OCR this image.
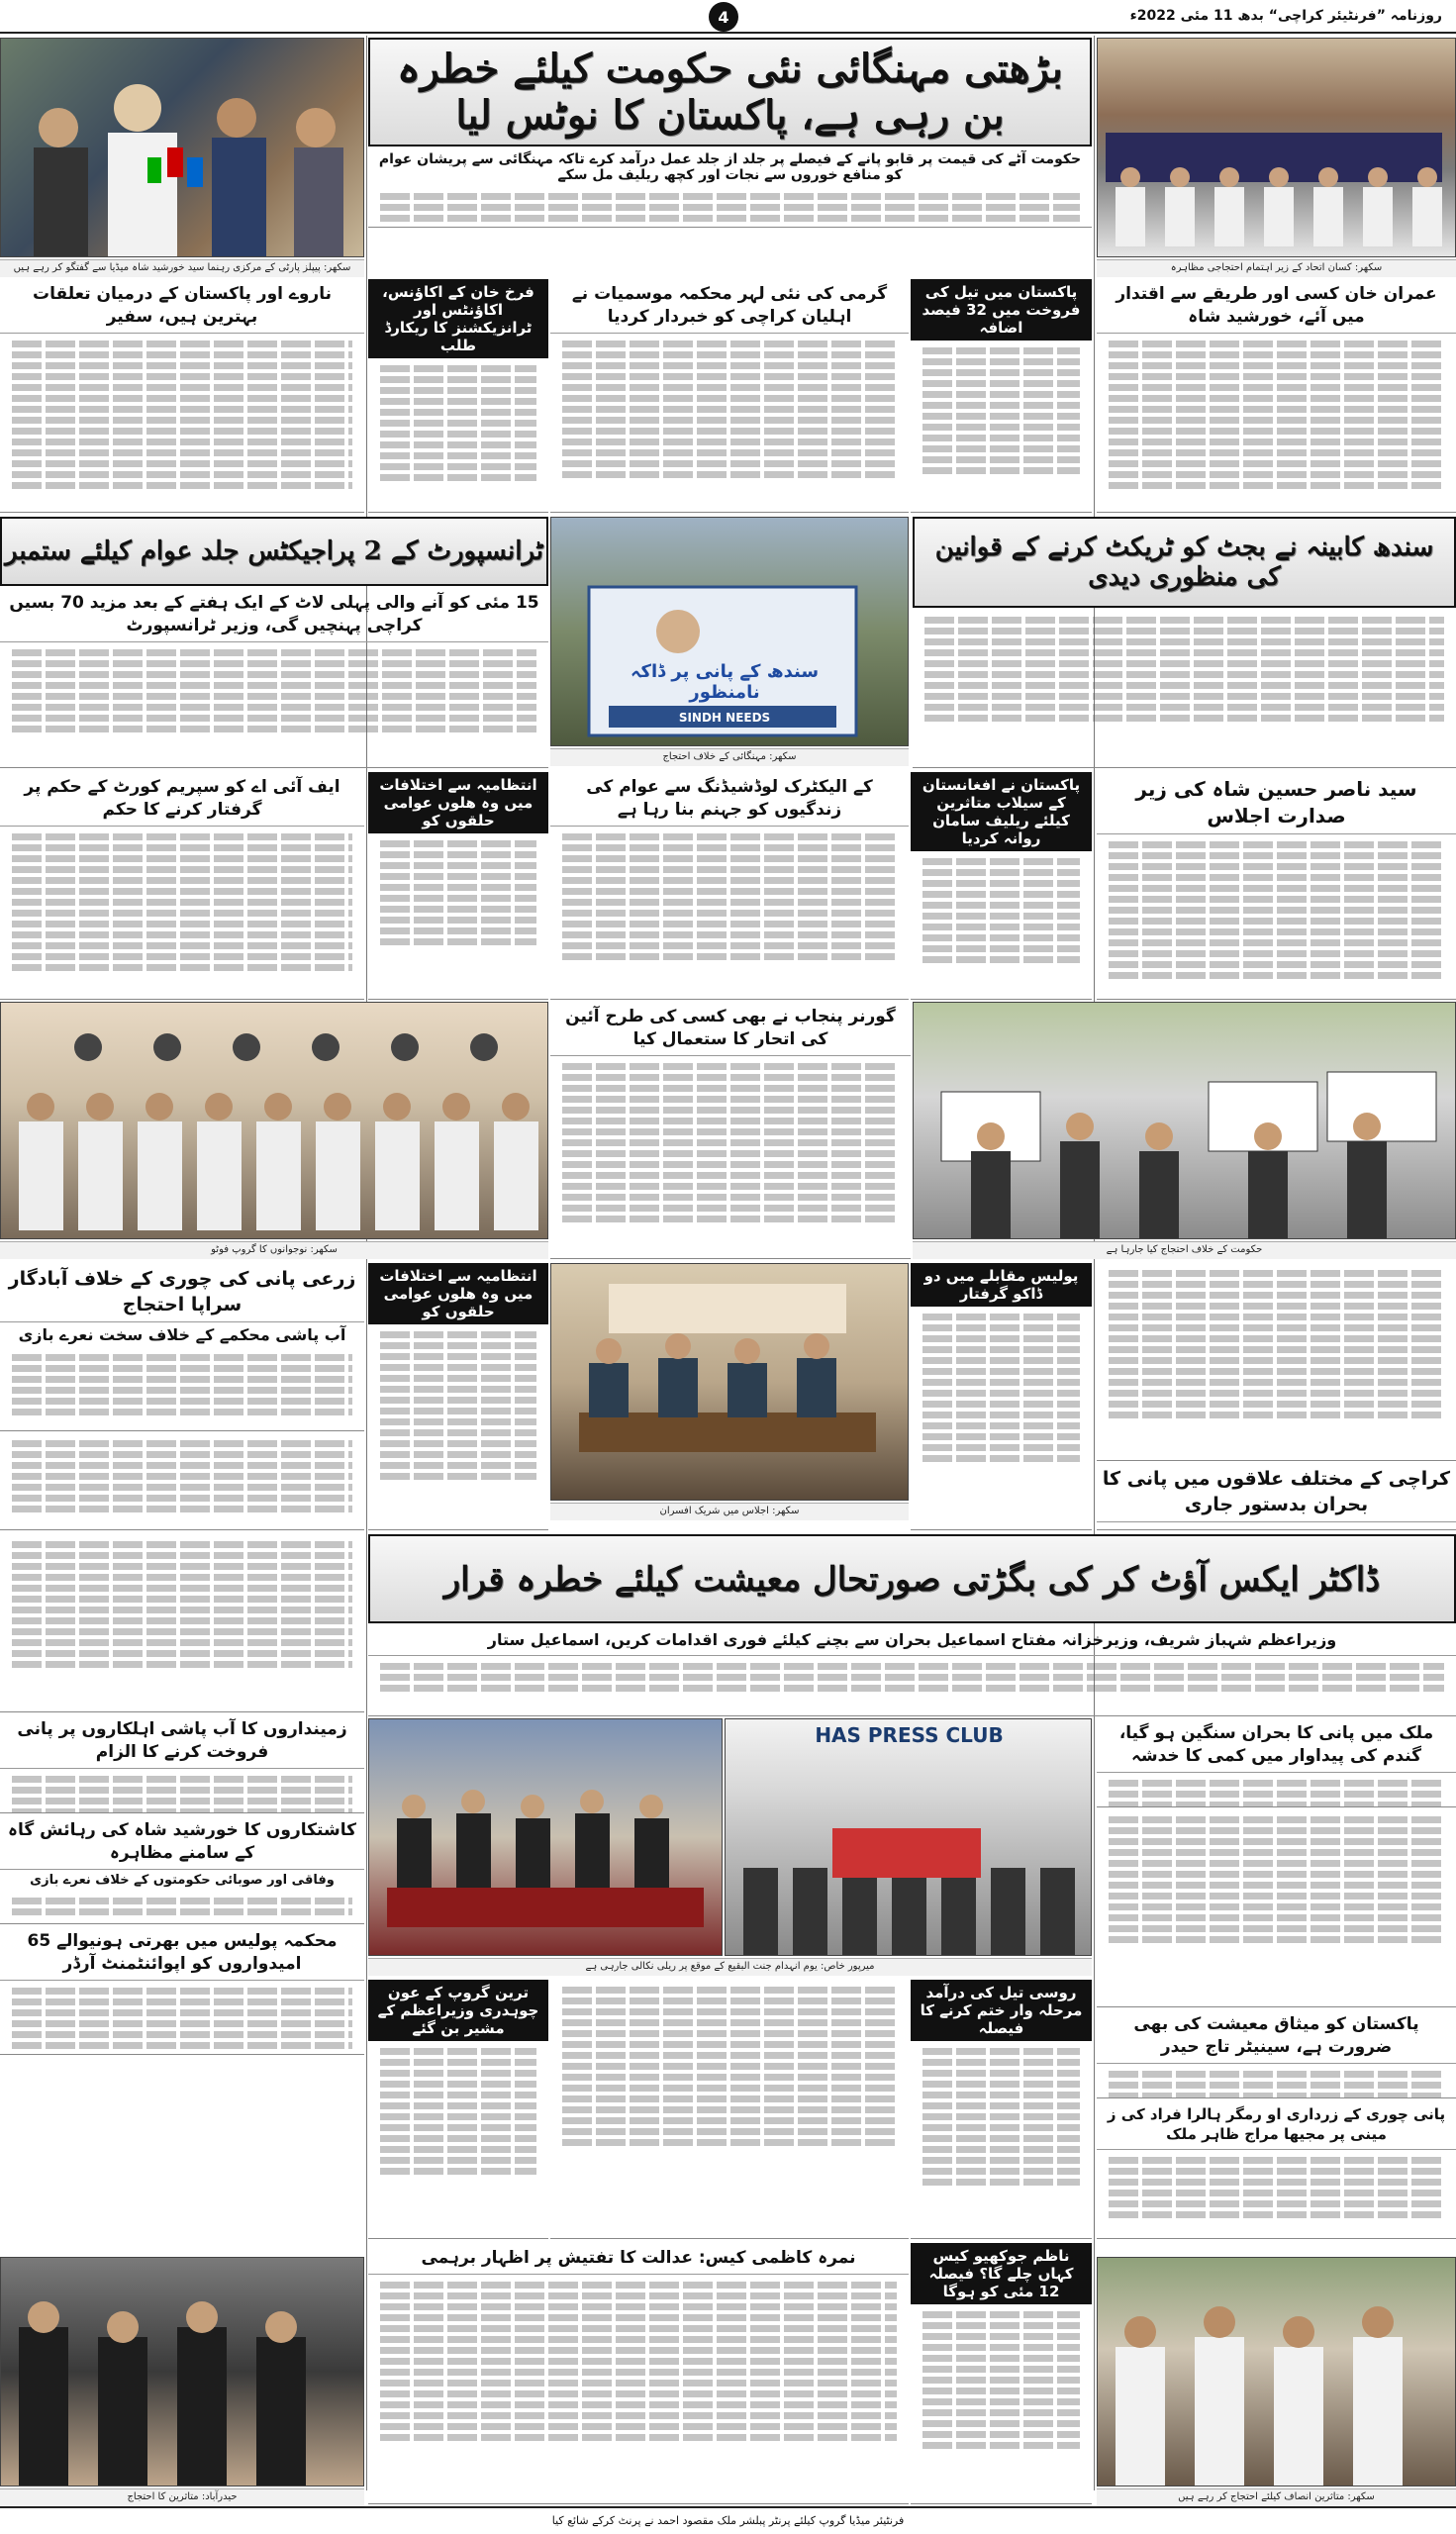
روزنامہ ”فرنٹیئر کراچی“ بدھ 11 مئی 2022ء
4
بڑھتی مہنگائی نئی حکومت کیلئے خطرہ بن رہی ہے، پاکستان کا نوٹس لیا
حکومت آٹے کی قیمت پر قابو پانے کے فیصلے پر جلد از جلد عمل درآمد کرے تاکہ مہنگائی سے پریشان عوام کو منافع خوروں سے نجات اور کچھ ریلیف مل سکے
سکھر: پیپلز پارٹی کے مرکزی رہنما سید خورشید شاہ میڈیا سے گفتگو کر رہے ہیں	سکھر: کسان اتحاد کے زیر اہتمام احتجاجی مظاہرہ
عمران خان کسی اور طریقے سے اقتدار میں آئے، خورشید شاہ
پاکستان میں تیل کی فروخت میں 32 فیصد اضافہ
گرمی کی نئی لہر محکمہ موسمیات نے اہلیان کراچی کو خبردار کردیا
فرخ خان کے اکاؤنس، اکاؤنٹس اور ٹرانزیکشنز کا ریکارڈ طلب
ناروے اور پاکستان کے درمیان تعلقات بہترین ہیں، سفیر
سندھ کابینہ نے بجٹ کو ٹریکٹ کرنے کے قوانین کی منظوری دیدی
سندھ کے پانی پر ڈاکہ نامنظور
SINDH NEEDS
سکھر: مہنگائی کے خلاف احتجاج
ٹرانسپورٹ کے 2 پراجیکٹس جلد عوام کیلئے ستمبر
15 مئی کو آنے والی پہلی لاٹ کے ایک ہفتے کے بعد مزید 70 بسیں کراچی پہنچیں گی، وزیر ٹرانسپورٹ
سید ناصر حسین شاہ کی زیر صدارت اجلاس
پاکستان نے افغانستان کے سیلاب متاثرین کیلئے ریلیف سامان روانہ کردیا
کے الیکٹرک لوڈشیڈنگ سے عوام کی زندگیوں کو جہنم بنا رہا ہے
انتظامیہ سے اختلافات میں وہ ھلوں عوامی حلقوں کو
ایف آئی اے کو سپریم کورٹ کے حکم پر گرفتار کرنے کا حکم
حکومت کے خلاف احتجاج کیا جارہا ہے
گورنر پنجاب نے بھی کسی کی طرح آئین کی اتحار کا ستعمال کیا
سکھر: نوجوانوں کا گروپ فوٹو
پولیس مقابلے میں دو ڈاکو گرفتار
سکھر: اجلاس میں شریک افسران
انتظامیہ سے اختلافات میں وہ ھلوں عوامی حلقوں کو
زرعی پانی کی چوری کے خلاف آبادگار سراپا احتجاج
آب پاشی محکمے کے خلاف سخت نعرے بازی
کراچی کے مختلف علاقوں میں پانی کا بحران بدستور جاری
ڈاکٹر ایکس آؤٹ کر کی بگڑتی صورتحال معیشت کیلئے خطرہ قرار
وزیراعظم شہباز شریف، وزیرخزانہ مفتاح اسماعیل بحران سے بچنے کیلئے فوری اقدامات کریں، اسماعیل ستار
ملک میں پانی کا بحران سنگین ہو گیا، گندم کی پیداوار میں کمی کا خدشہ
HAS PRESS CLUB
میرپور خاص: یوم انہدام جنت البقیع کے موقع پر ریلی نکالی جارہی ہے
زمینداروں کا آب پاشی اہلکاروں پر پانی فروخت کرنے کا الزام
کاشتکاروں کا خورشید شاہ کی رہائش گاہ کے سامنے مظاہرہ
وفاقی اور صوبائی حکومتوں کے خلاف نعرے بازی
محکمہ پولیس میں بھرتی ہونیوالے 65 امیدواروں کو اپوائنٹمنٹ آرڈر
پاکستان کو میثاق معیشت کی بھی ضرورت ہے، سینیٹر تاج حیدر
پانی چوری کے زرداری او رمگر ہالرا فراد کی ز مینی پر مجیھا مراج ظاہر ملک
روسی تیل کی درآمد مرحلہ وار ختم کرنے کا فیصلہ
ترین گروپ کے عون چوہدری وزیراعظم کے مشیر بن گئے
حیدرآباد: متاثرین کا احتجاج
نمرہ کاظمی کیس: عدالت کا تفتیش پر اظہار برہمی	ناظم جوکھیو کیس کہاں چلے گا؟ فیصلہ 12 مئی کو ہوگا
سکھر: متاثرین انصاف کیلئے احتجاج کر رہے ہیں
فرنٹیئر میڈیا گروپ کیلئے پرنٹر پبلشر ملک مقصود احمد نے پرنٹ کرکے شائع کیا
